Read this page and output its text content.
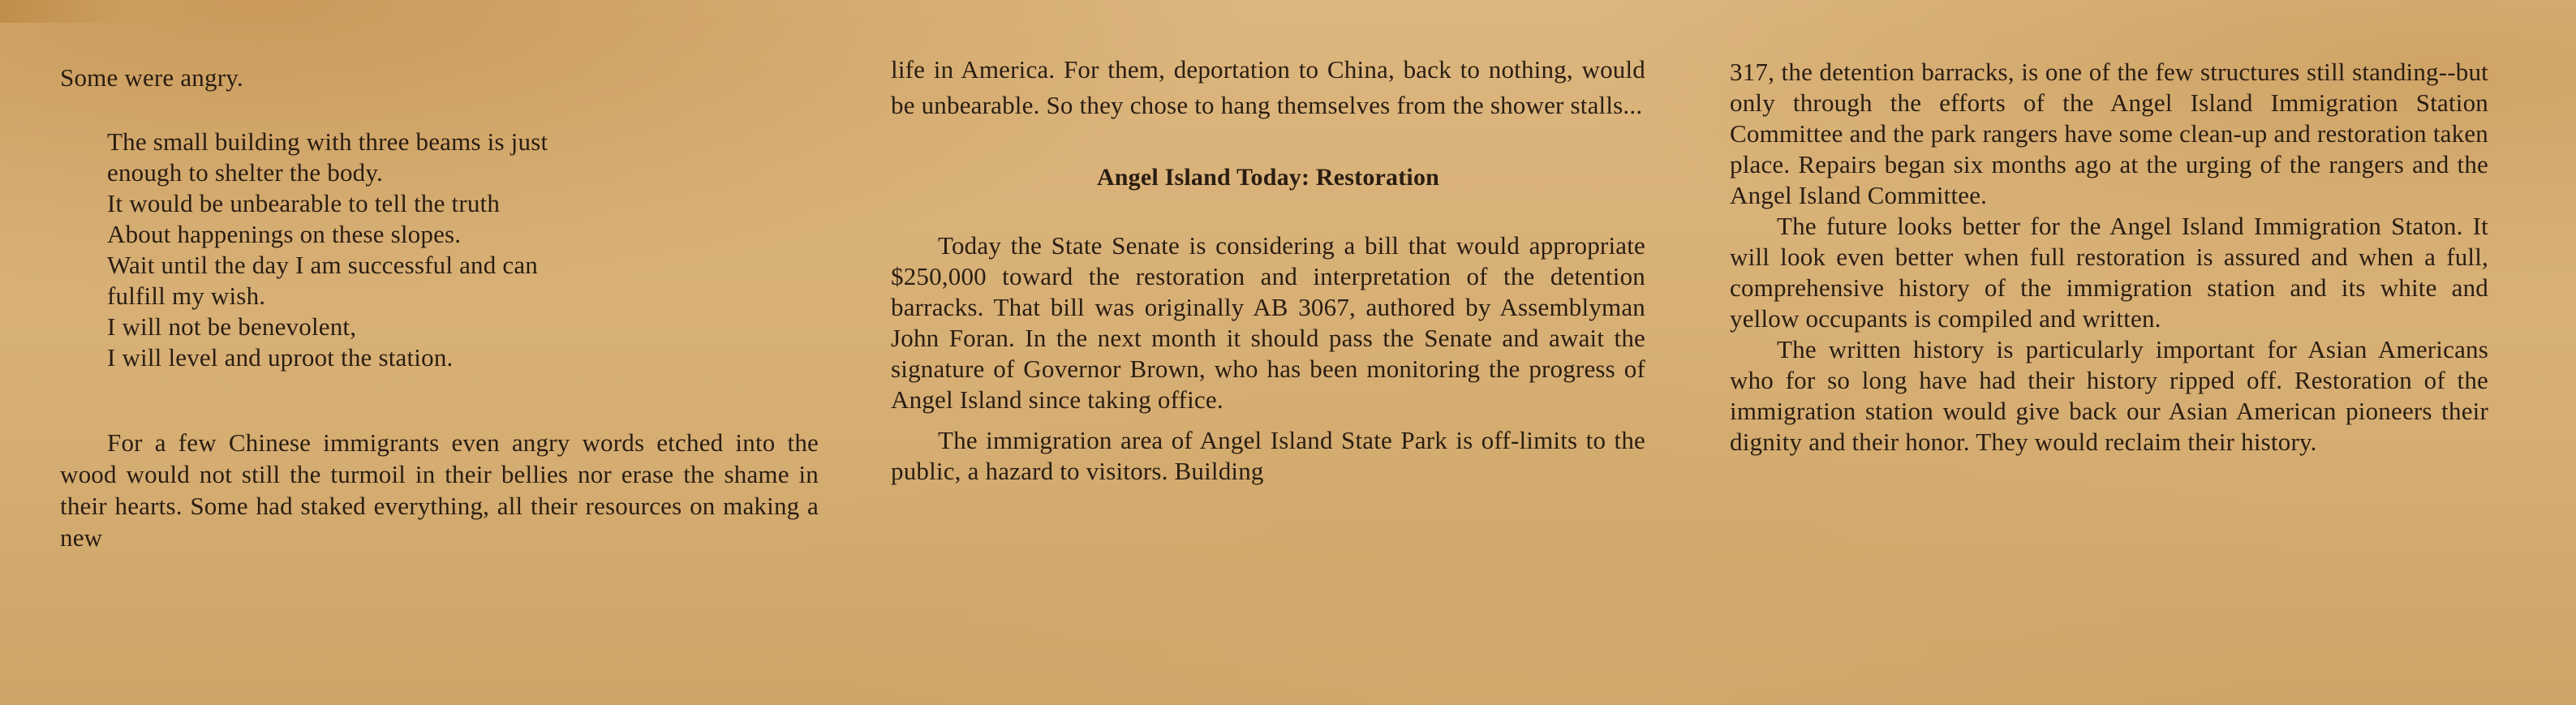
Some were angry.

The small building with three beams is just
enough to shelter the body.
It would be unbearable to tell the truth
About happenings on these slopes.
Wait until the day I am successful and can
fulfill my wish.
I will not be benevolent,
I will level and uproot the station.

For a few Chinese immigrants even angry words etched into the wood would not still the turmoil in their bellies nor erase the shame in their hearts. Some had staked everything, all their resources on making a new

life in America. For them, deportation to China, back to nothing, would be unbearable. So they chose to hang themselves from the shower stalls...

Angel Island Today: Restoration

Today the State Senate is considering a bill that would appropriate $250,000 toward the restoration and interpretation of the detention barracks. That bill was originally AB 3067, authored by Assemblyman John Foran. In the next month it should pass the Senate and await the signature of Governor Brown, who has been monitoring the progress of Angel Island since taking office.

The immigration area of Angel Island State Park is off-limits to the public, a hazard to visitors. Building

317, the detention barracks, is one of the few structures still standing--but only through the efforts of the Angel Island Immigration Station Committee and the park rangers have some clean-up and restoration taken place. Repairs began six months ago at the urging of the rangers and the Angel Island Committee.

The future looks better for the Angel Island Immigration Staton. It will look even better when full restoration is assured and when a full, comprehensive history of the immigration station and its white and yellow occupants is compiled and written.

The written history is particularly important for Asian Americans who for so long have had their history ripped off. Restoration of the immigration station would give back our Asian American pioneers their dignity and their honor. They would reclaim their history.
